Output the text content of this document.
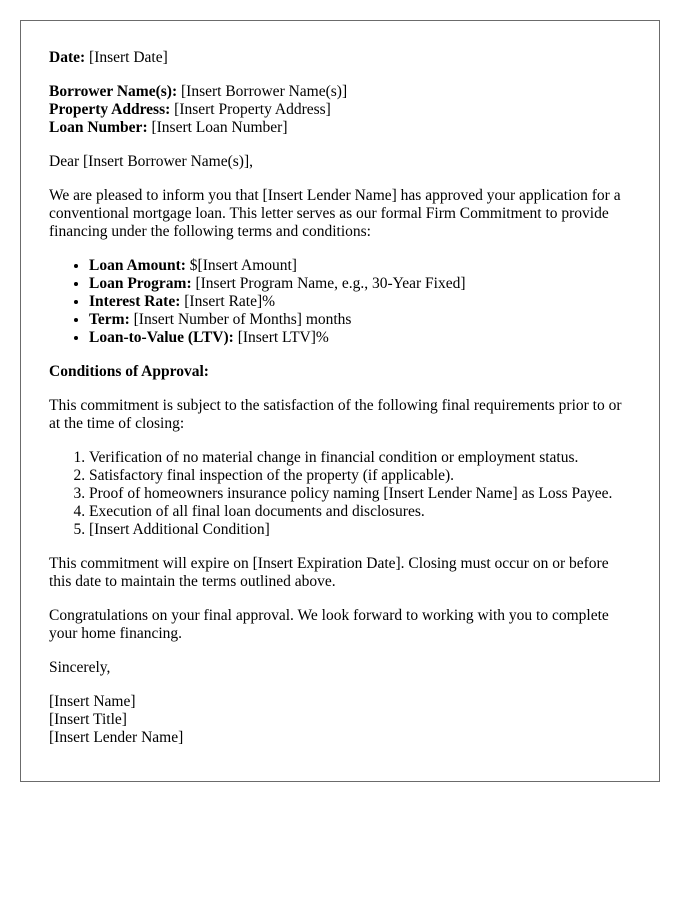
Date: [Insert Date]
Borrower Name(s): [Insert Borrower Name(s)]
Property Address: [Insert Property Address]
Loan Number: [Insert Loan Number]

Dear [Insert Borrower Name(s)],

We are pleased to inform you that [Insert Lender Name] has approved your application for a conventional mortgage loan. This letter serves as our formal Firm Commitment to provide financing under the following terms and conditions:

• Loan Amount: $[Insert Amount]
• Loan Program: [Insert Program Name, e.g., 30-Year Fixed]
• Interest Rate: [Insert Rate]%
• Term: [Insert Number of Months] months
• Loan-to-Value (LTV): [Insert LTV]%

Conditions of Approval:

This commitment is subject to the satisfaction of the following final requirements prior to or at the time of closing:

1. Verification of no material change in financial condition or employment status.
2. Satisfactory final inspection of the property (if applicable).
3. Proof of homeowners insurance policy naming [Insert Lender Name] as Loss Payee.
4. Execution of all final loan documents and disclosures.
5. [Insert Additional Condition]

This commitment will expire on [Insert Expiration Date]. Closing must occur on or before this date to maintain the terms outlined above.

Congratulations on your final approval. We look forward to working with you to complete your home financing.

Sincerely,

[Insert Name]
[Insert Title]
[Insert Lender Name]
